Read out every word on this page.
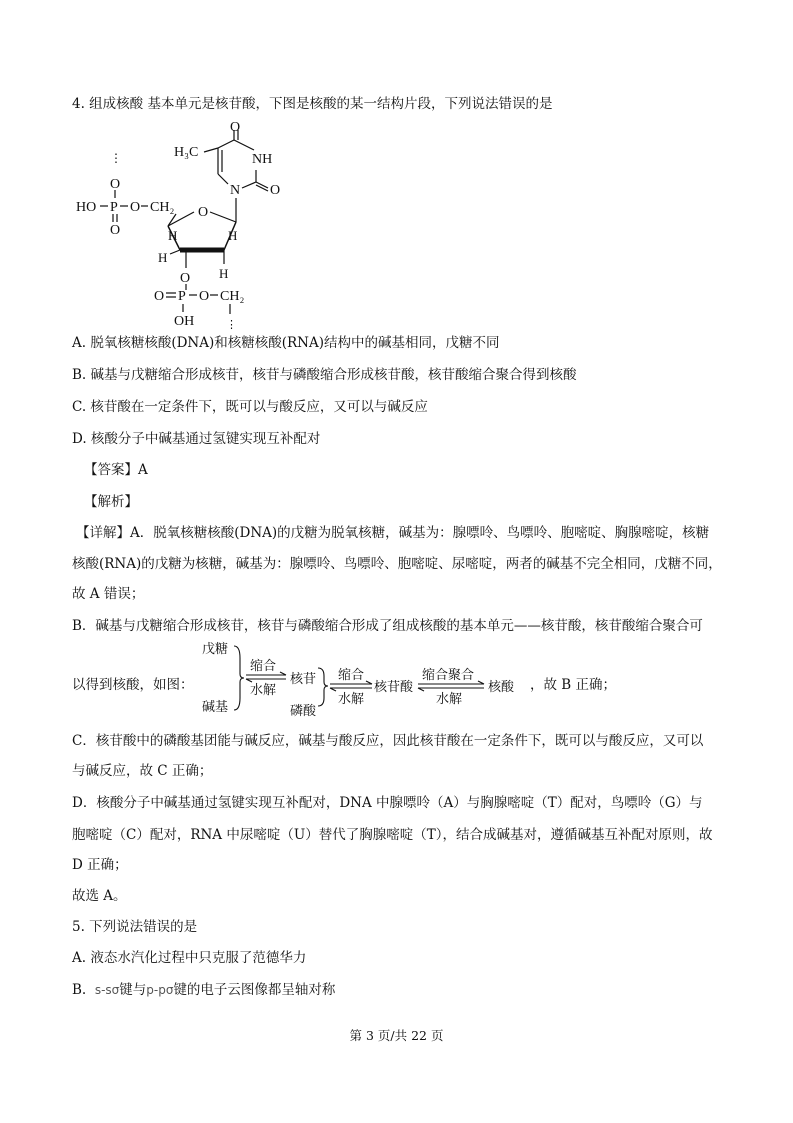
4. 组成核酸 基本单元是核苷酸，下图是核酸的某一结构片段，下列说法错误的是
H₃C
O
NH
O
N
⋮
O
HO P O CH₂
O
O
H	H
H
H
O
O P O CH₂
OH	⋮
A. 脱氧核糖核酸(DNA)和核糖核酸(RNA)结构中的碱基相同，戊糖不同
B. 碱基与戊糖缩合形成核苷，核苷与磷酸缩合形成核苷酸，核苷酸缩合聚合得到核酸
C. 核苷酸在一定条件下，既可以与酸反应，又可以与碱反应
D. 核酸分子中碱基通过氢键实现互补配对
【答案】A
【解析】
【详解】A．脱氧核糖核酸(DNA)的戊糖为脱氧核糖，碱基为：腺嘌呤、鸟嘌呤、胞嘧啶、胸腺嘧啶，核糖
核酸(RNA)的戊糖为核糖，碱基为：腺嘌呤、鸟嘌呤、胞嘧啶、尿嘧啶，两者的碱基不完全相同，戊糖不同，
故 A 错误；
B．碱基与戊糖缩合形成核苷，核苷与磷酸缩合形成了组成核酸的基本单元——核苷酸，核苷酸缩合聚合可
以得到核酸，如图：
戊糖
碱基
缩合
水解
核苷
磷酸
缩合
水解
核苷酸
缩合聚合
水解
核酸 ，故 B 正确；
C．核苷酸中的磷酸基团能与碱反应，碱基与酸反应，因此核苷酸在一定条件下，既可以与酸反应，又可以
与碱反应，故 C 正确；
D．核酸分子中碱基通过氢键实现互补配对，DNA 中腺嘌呤（A）与胸腺嘧啶（T）配对，鸟嘌呤（G）与
胞嘧啶（C）配对，RNA 中尿嘧啶（U）替代了胸腺嘧啶（T），结合成碱基对，遵循碱基互补配对原则，故
D 正确；
故选 A。
5. 下列说法错误的是
A. 液态水汽化过程中只克服了范德华力
B. s-sσ键与p-pσ键的电子云图像都呈轴对称
第 3 页/共 22 页
